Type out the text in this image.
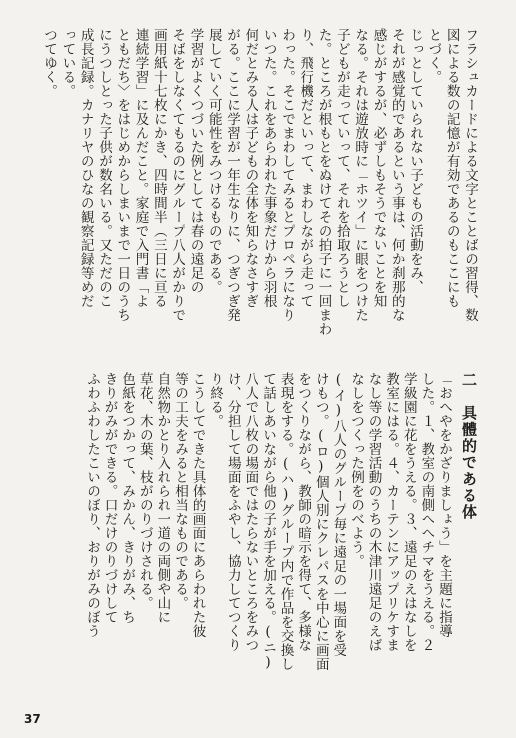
フラシュカードによる文字とことばの習得、数
図による数の記憶が有効であるのもここにも
とづく。
じっとしていられない子どもの活動をみ、
それが感覚的であるという事は、何か刹那的な
感じがするが、必ずしもそうでないことを知
なる。それは遊放時に「ホツイ」に眼をつけた
子どもが走っていって、それを拾取ろうとし
た。ところが根もとをぬけてその拍子に一回まわ
り、飛行機だといって、まわしながら走って
わった。そこでまわしてみるとプロペラになり
いつた。これをあらわれた事象だけから羽根
何だとみる人は子どもの全体を知らなさすぎ
がる。ここに学習が一年生なりに、つぎつぎ発
展していく可能性をみつけるものである。
学習がよくつづいた例としては春の遠足の
そばをしなくてもるのにグループ八人がかりで
画用紙十七枚にかき、四時間半（三日に亘る
連続学習」に及んだこと。家庭で入門書「よ
ともだち〉をはじめからしまいまで一日のうち
にうつしとった子供が数名いる。又ただのこ
成長記録。カナリヤのひなの観察記録等めだ
っている。
つてゆく。
二　具體的である体
「おへやをかざりましょう」を主題に指導
した。１、教室の南側へへチマをうえる。２
学級園に花をうえる。３、遠足のえはなしを
教室にはる。４、カーテンにアップリケすま
なし等の学習活動のうちの木津川遠足のえば
なしをつくった例をのべよう。
(イ)八人のグループ毎に遠足の一場面を受
けもつ。(ロ)個人別にクレパスを中心に画面
をつくりながら、教師の暗示を得て、多様な
表現をする。(ハ)グループ内で作品を交換し
て話しあいながら他の子が手を加える。(ニ)
八人で八枚の場面ではたらないところをみつ
け、分担して場面をふやし、協力してつくり
り終る。
こうしてできた具体的画面にあらわれた彼
等の工夫をみると相当なものである。
自然物かとり入れられ一道の両側や山に
草花、木の葉、枝がのりづけされる。
色紙をつかって、みかん、きりがみ、ち
きりがみができる。口だけのりづけして
ふわふわしたこいのぼり、おりがみのぼう
37
